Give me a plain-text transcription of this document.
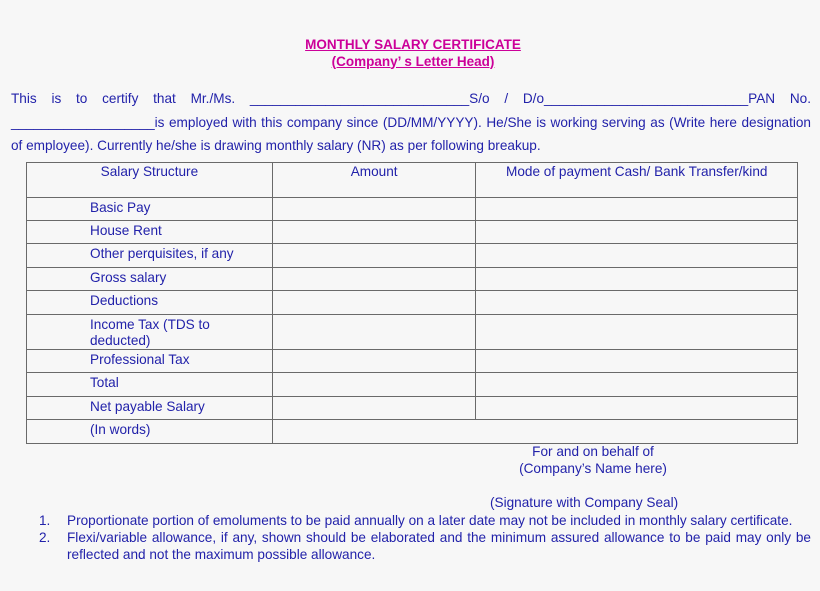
MONTHLY SALARY CERTIFICATE
(Company’ s Letter Head)
This is to certify that Mr./Ms. _____________________________S/o / D/o___________________________PAN No. ___________________is employed with this company since (DD/MM/YYYY). He/She is working serving as (Write here designation of employee). Currently he/she is drawing monthly salary (NR) as per following breakup.
Salary Structure	Amount	Mode of payment Cash/ Bank Transfer/kind
Basic Pay		
House Rent		
Other perquisites, if any		
Gross salary		
Deductions		
Income Tax (TDS to deducted)		
Professional Tax		
Total		
Net payable Salary		
(In words)		
For and on behalf of
(Company’s Name here)
(Signature with Company Seal)
1. Proportionate portion of emoluments to be paid annually on a later date may not be included in monthly salary certificate.
2. Flexi/variable allowance, if any, shown should be elaborated and the minimum assured allowance to be paid may only be reflected and not the maximum possible allowance.
